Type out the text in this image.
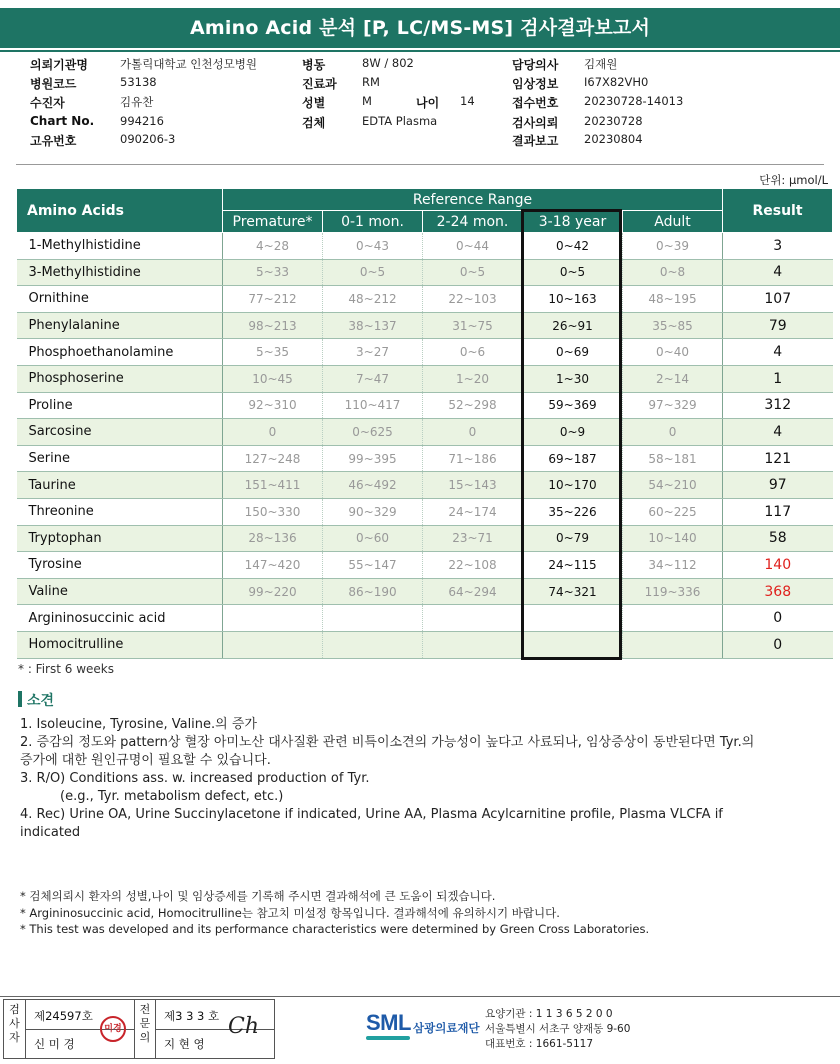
Amino Acid 분석 [P, LC/MS-MS] 검사결과보고서
의뢰기관명	가톨릭대학교 인천성모병원	병동	8W / 802	담당의사 김재원
병원코드	53138	진료과 RM	임상정보 I67X82VH0
수진자	김유찬	성별	M	나이 14	접수번호 20230728-14013
Chart No. 994216	검체	EDTA Plasma	검사의뢰 20230728
고유번호	090206-3	결과보고 20230804
단위: μmol/L
Amino Acids	Reference Range					Result
	Premature*	0-1 mon.	2-24 mon.	3-18 year	Adult	
1-Methylhistidine	4~28	0~43	0~44	0~42	0~39	3
3-Methylhistidine	5~33	0~5	0~5	0~5	0~8	4
Ornithine	77~212	48~212	22~103	10~163	48~195	107
Phenylalanine	98~213	38~137	31~75	26~91	35~85	79
Phosphoethanolamine	5~35	3~27	0~6	0~69	0~40	4
Phosphoserine	10~45	7~47	1~20	1~30	2~14	1
Proline	92~310	110~417	52~298	59~369	97~329	312
Sarcosine	0	0~625	0	0~9	0	4
Serine	127~248	99~395	71~186	69~187	58~181	121
Taurine	151~411	46~492	15~143	10~170	54~210	97
Threonine	150~330	90~329	24~174	35~226	60~225	117
Tryptophan	28~136	0~60	23~71	0~79	10~140	58
Tyrosine	147~420	55~147	22~108	24~115	34~112	140
Valine	99~220	86~190	64~294	74~321	119~336	368
Argininosuccinic acid						0
Homocitrulline						0
* : First 6 weeks
소견
1. Isoleucine, Tyrosine, Valine.의 증가
2. 증감의 정도와 pattern상 혈장 아미노산 대사질환 관련 비특이소견의 가능성이 높다고 사료되나, 임상증상이 동반된다면 Tyr.의
증가에 대한 원인규명이 필요할 수 있습니다.
3. R/O) Conditions ass. w. increased production of Tyr.
(e.g., Tyr. metabolism defect, etc.)
4. Rec) Urine OA, Urine Succinylacetone if indicated, Urine AA, Plasma Acylcarnitine profile, Plasma VLCFA if
indicated
* 검체의뢰시 환자의 성별,나이 및 임상증세를 기록해 주시면 결과해석에 큰 도움이 되겠습니다.
* Argininosuccinic acid, Homocitrulline는 참고치 미설정 항목입니다. 결과해석에 유의하시기 바랍니다.
* This test was developed and its performance characteristics were determined by Green Cross Laboratories.
검사자
제24597호
신 미 경
미경
전문의
제3 3 3 호
지 현 영
Ch	SML 삼광의료재단
요양기관 : 1 1 3 6 5 2 0 0
서울특별시 서초구 양재동 9-60
대표번호 : 1661-5117
